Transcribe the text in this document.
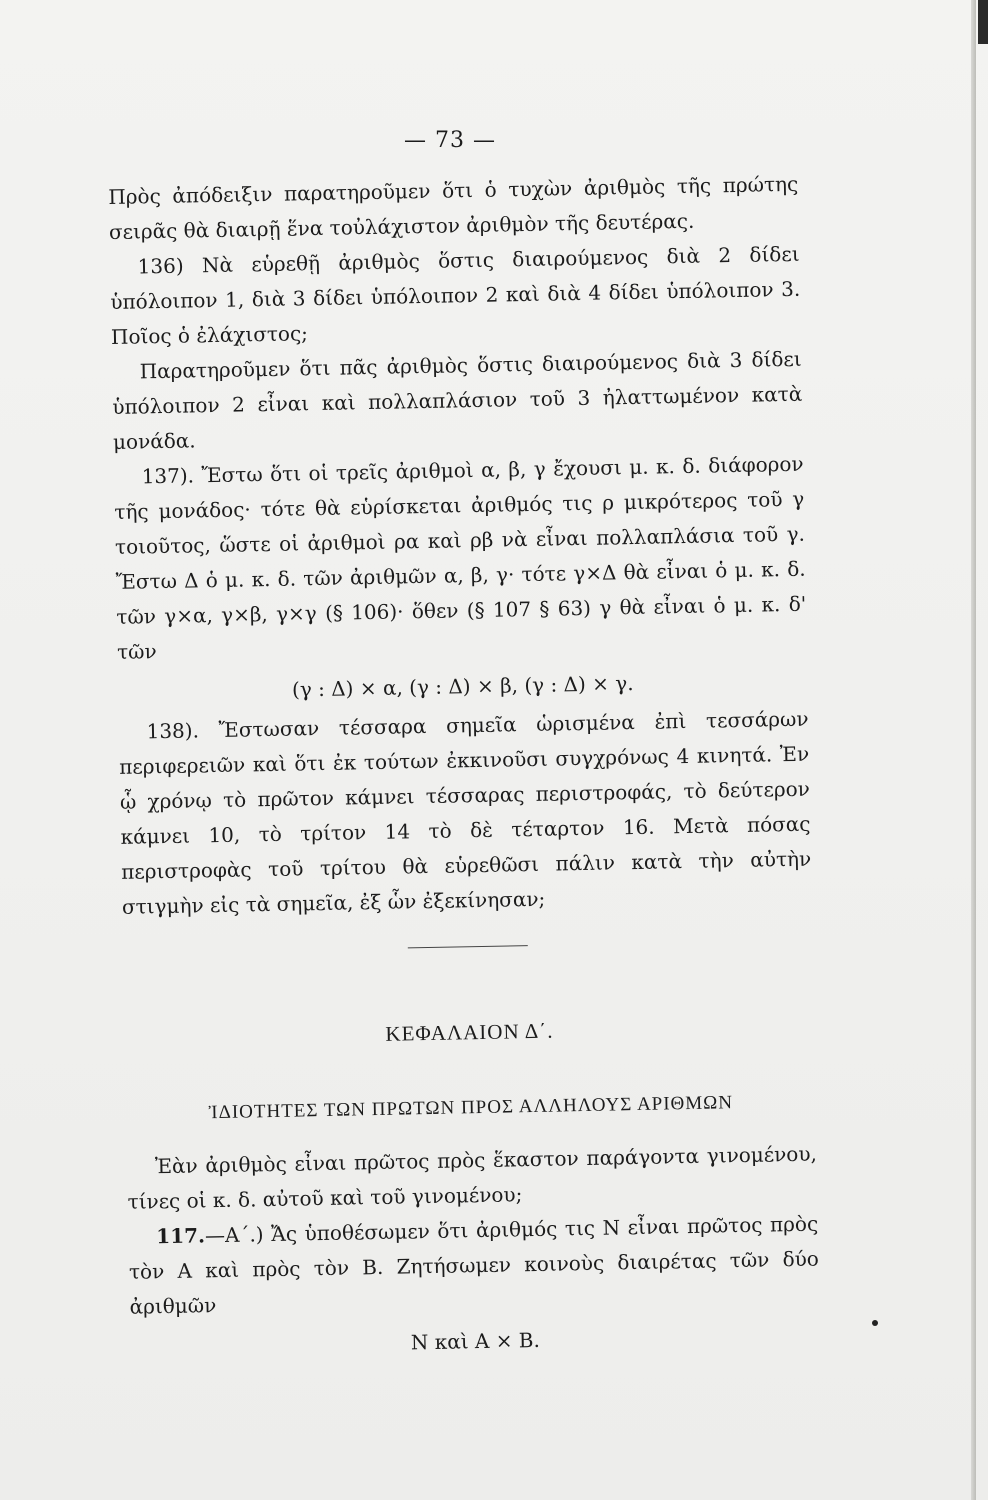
— 73 —

Πρὸς ἀπόδειξιν παρατηροῦμεν ὅτι ὁ τυχὼν ἀριθμὸς τῆς πρώτης σειρᾶς θὰ διαιρῇ ἕνα τοὐλάχιστον ἀριθμὸν τῆς δευτέρας.

136) Νὰ εὑρεθῇ ἀριθμὸς ὅστις διαιρούμενος διὰ 2 δίδει ὑπόλοιπον 1, διὰ 3 δίδει ὑπόλοιπον 2 καὶ διὰ 4 δίδει ὑπόλοιπον 3. Ποῖος ὁ ἐλάχιστος;

Παρατηροῦμεν ὅτι πᾶς ἀριθμὸς ὅστις διαιρούμενος διὰ 3 δίδει ὑπόλοιπον 2 εἶναι καὶ πολλαπλάσιον τοῦ 3 ἠλαττωμένον κατὰ μονάδα.

137). Ἔστω ὅτι οἱ τρεῖς ἀριθμοὶ α, β, γ ἔχουσι μ. κ. δ. διάφορον τῆς μονάδος· τότε θὰ εὑρίσκεται ἀριθμός τις ρ μικρότερος τοῦ γ τοιοῦτος, ὥστε οἱ ἀριθμοὶ ρα καὶ ρβ νὰ εἶναι πολλαπλάσια τοῦ γ. Ἔστω Δ ὁ μ. κ. δ. τῶν ἀριθμῶν α, β, γ· τότε γ×Δ θὰ εἶναι ὁ μ. κ. δ. τῶν γ×α, γ×β, γ×γ (§ 106)· ὅθεν (§ 107 § 63) γ θὰ εἶναι ὁ μ. κ. δ' τῶν

(γ : Δ) × α, (γ : Δ) × β, (γ : Δ) × γ.

138). Ἔστωσαν τέσσαρα σημεῖα ὡρισμένα ἐπὶ τεσσάρων περιφερειῶν καὶ ὅτι ἐκ τούτων ἐκκινοῦσι συγχρόνως 4 κινητά. Ἐν ᾧ χρόνῳ τὸ πρῶτον κάμνει τέσσαρας περιστροφάς, τὸ δεύτερον κάμνει 10, τὸ τρίτον 14 τὸ δὲ τέταρτον 16. Μετὰ πόσας περιστροφὰς τοῦ τρίτου θὰ εὑρεθῶσι πάλιν κατὰ τὴν αὐτὴν στιγμὴν εἰς τὰ σημεῖα, ἐξ ὧν ἐξεκίνησαν;

ΚΕΦΑΛΑΙΟΝ Δ΄.
ἸΔΙΟΤΗΤΕΣ ΤΩΝ ΠΡΩΤΩΝ ΠΡΟΣ ΑΛΛΗΛΟΥΣ ΑΡΙΘΜΩΝ

Ἐὰν ἀριθμὸς εἶναι πρῶτος πρὸς ἕκαστον παράγοντα γινομένου, τίνες οἱ κ. δ. αὐτοῦ καὶ τοῦ γινομένου;

117.—Α΄.) Ἄς ὑποθέσωμεν ὅτι ἀριθμός τις Ν εἶναι πρῶτος πρὸς τὸν Α καὶ πρὸς τὸν Β. Ζητήσωμεν κοινοὺς διαιρέτας τῶν δύο ἀριθμῶν

Ν καὶ Α × Β.
